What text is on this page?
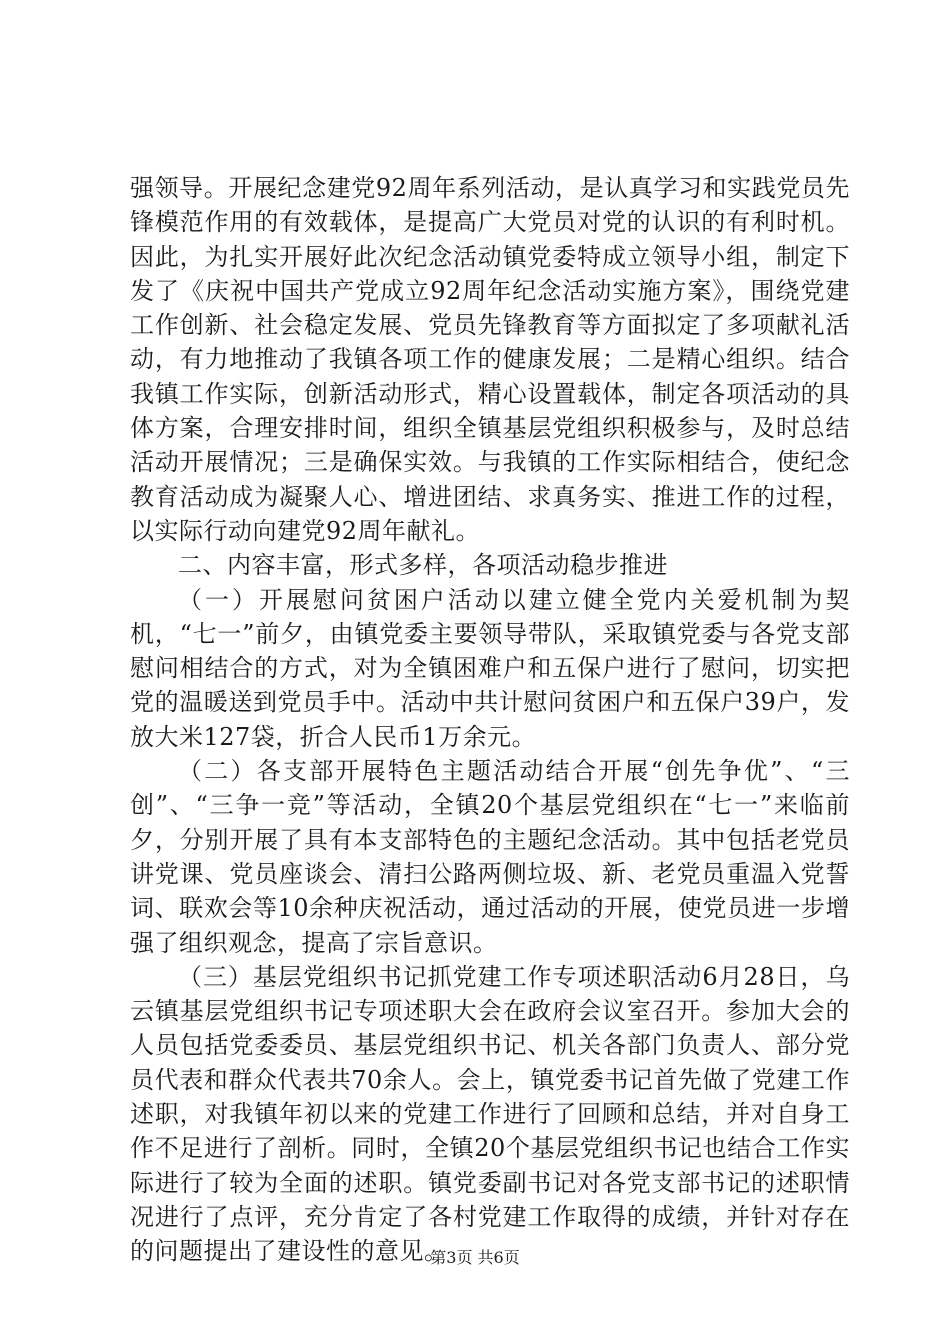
强领导。开展纪念建党92周年系列活动，是认真学习和实践党员先锋模范作用的有效载体，是提高广大党员对党的认识的有利时机。因此，为扎实开展好此次纪念活动镇党委特成立领导小组，制定下发了《庆祝中国共产党成立92周年纪念活动实施方案》，围绕党建工作创新、社会稳定发展、党员先锋教育等方面拟定了多项献礼活动，有力地推动了我镇各项工作的健康发展；二是精心组织。结合我镇工作实际，创新活动形式，精心设置载体，制定各项活动的具体方案，合理安排时间，组织全镇基层党组织积极参与，及时总结活动开展情况；三是确保实效。与我镇的工作实际相结合，使纪念教育活动成为凝聚人心、增进团结、求真务实、推进工作的过程，以实际行动向建党92周年献礼。

二、内容丰富，形式多样，各项活动稳步推进

（一）开展慰问贫困户活动以建立健全党内关爱机制为契机，“七一”前夕，由镇党委主要领导带队，采取镇党委与各党支部慰问相结合的方式，对为全镇困难户和五保户进行了慰问，切实把党的温暖送到党员手中。活动中共计慰问贫困户和五保户39户，发放大米127袋，折合人民币1万余元。

（二）各支部开展特色主题活动结合开展“创先争优”、“三创”、“三争一竞”等活动，全镇20个基层党组织在“七一”来临前夕，分别开展了具有本支部特色的主题纪念活动。其中包括老党员讲党课、党员座谈会、清扫公路两侧垃圾、新、老党员重温入党誓词、联欢会等10余种庆祝活动，通过活动的开展，使党员进一步增强了组织观念，提高了宗旨意识。

（三）基层党组织书记抓党建工作专项述职活动6月28日，乌云镇基层党组织书记专项述职大会在政府会议室召开。参加大会的人员包括党委委员、基层党组织书记、机关各部门负责人、部分党员代表和群众代表共70余人。会上，镇党委书记首先做了党建工作述职，对我镇年初以来的党建工作进行了回顾和总结，并对自身工作不足进行了剖析。同时，全镇20个基层党组织书记也结合工作实际进行了较为全面的述职。镇党委副书记对各党支部书记的述职情况进行了点评，充分肯定了各村党建工作取得的成绩，并针对存在的问题提出了建设性的意见。

第3页 共6页
